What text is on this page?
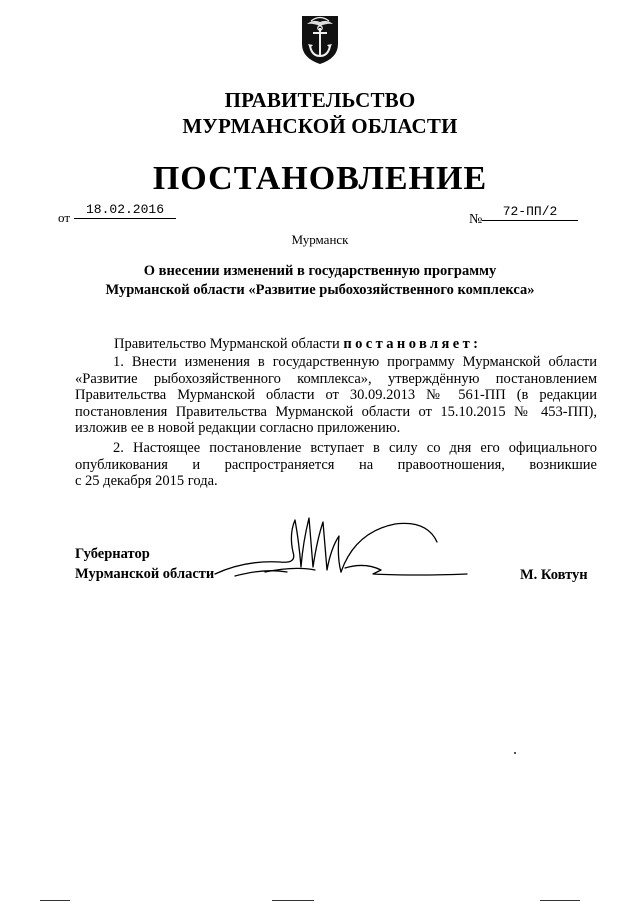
ПРАВИТЕЛЬСТВО
МУРМАНСКОЙ ОБЛАСТИ
ПОСТАНОВЛЕНИЕ
от
18.02.2016
№
72-ПП/2
Мурманск
О внесении изменений в государственную программу
Мурманской области «Развитие рыбохозяйственного комплекса»
Правительство Мурманской области постановляет:
1. Внести изменения в государственную программу Мурманской области «Развитие рыбохозяйственного комплекса», утверждённую постановлением Правительства Мурманской области от 30.09.2013 № 561-ПП (в редакции постановления Правительства Мурманской области от 15.10.2015 № 453-ПП), изложив ее в новой редакции согласно приложению.
2. Настоящее постановление вступает в силу со дня его официального опубликования и распространяется на правоотношения, возникшие
с 25 декабря 2015 года.
Губернатор
Мурманской области	М. Ковтун
